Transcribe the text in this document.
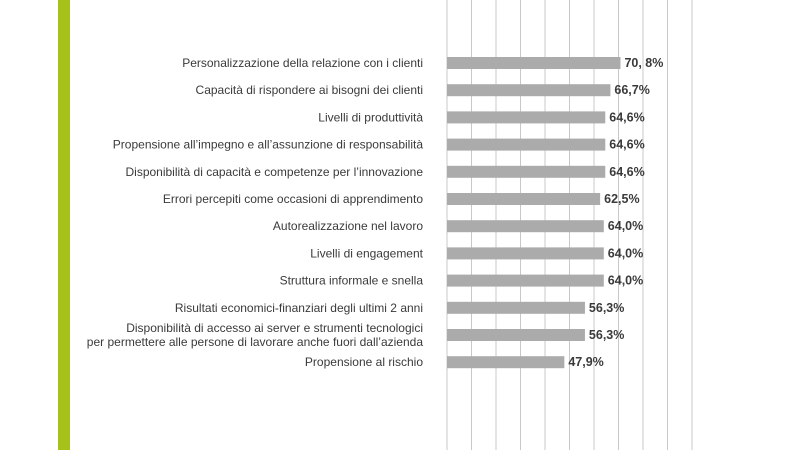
Personalizzazione della relazione con i clienti
Capacità di rispondere ai bisogni dei clienti
Livelli di produttività
Propensione all’impegno e all’assunzione di responsabilità
Disponibilità di capacità e competenze per l’innovazione
Errori percepiti come occasioni di apprendimento
Autorealizzazione nel lavoro
Livelli di engagement
Struttura informale e snella
Risultati economici-finanziari degli ultimi 2 anni
Disponibilità di accesso ai server e strumenti tecnologici
per permettere alle persone di lavorare anche fuori dall’azienda
Propensione al rischio
70, 8%
66,7%
64,6%
64,6%
64,6%
62,5%
64,0%
64,0%
64,0%
56,3%
56,3%
47,9%
